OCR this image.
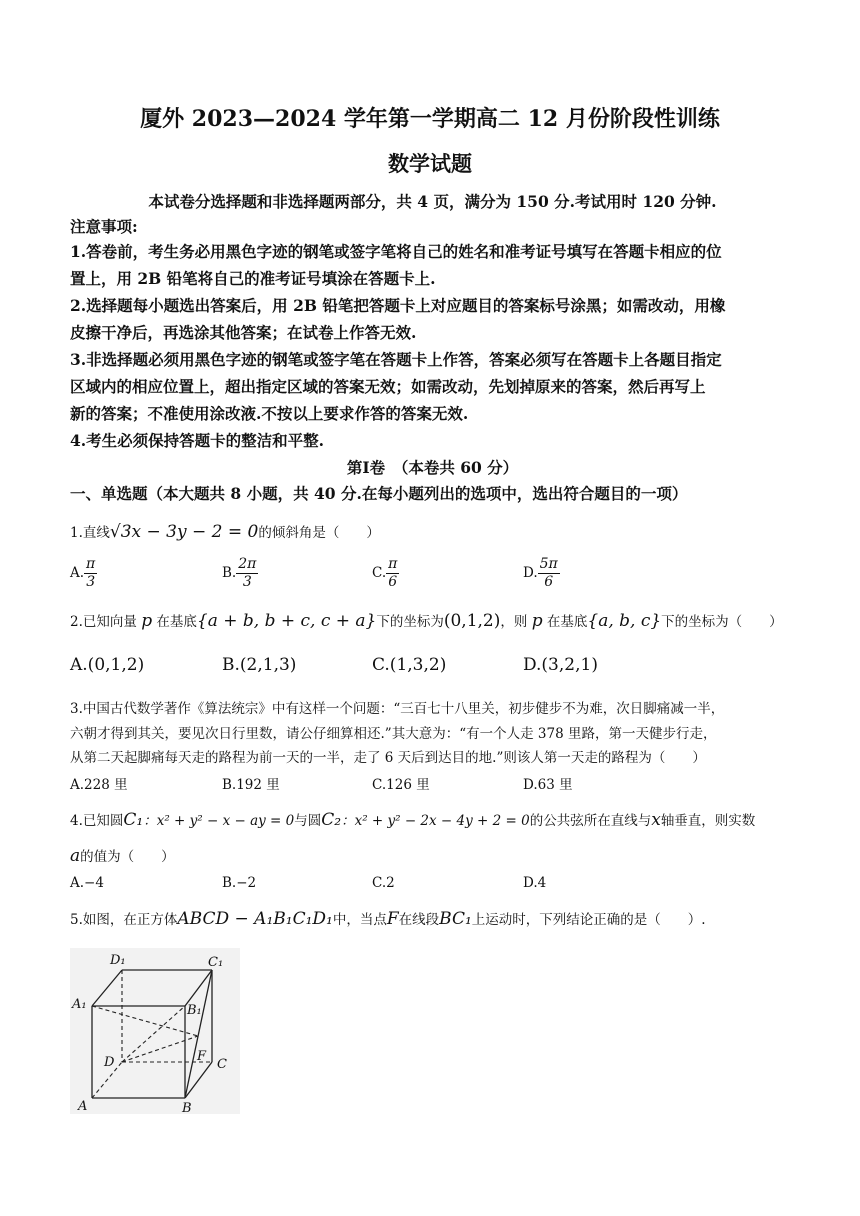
厦外 2023—2024 学年第一学期高二 12 月份阶段性训练
数学试题
本试卷分选择题和非选择题两部分，共 4 页，满分为 150 分.考试用时 120 分钟.
注意事项:
1.答卷前，考生务必用黑色字迹的钢笔或签字笔将自己的姓名和准考证号填写在答题卡相应的位
置上，用 2B 铅笔将自己的准考证号填涂在答题卡上.
2.选择题每小题选出答案后，用 2B 铅笔把答题卡上对应题目的答案标号涂黑；如需改动，用橡
皮擦干净后，再选涂其他答案；在试卷上作答无效.
3.非选择题必须用黑色字迹的钢笔或签字笔在答题卡上作答，答案必须写在答题卡上各题目指定
区域内的相应位置上，超出指定区域的答案无效；如需改动，先划掉原来的答案，然后再写上
新的答案；不准使用涂改液.不按以上要求作答的答案无效.
4.考生必须保持答题卡的整洁和平整.
第Ⅰ卷　（本卷共 60 分）
一、单选题（本大题共 8 小题，共 40 分.在每小题列出的选项中，选出符合题目的一项）
1.直线√3x − 3y − 2 = 0的倾斜角是（　　）
A. $\frac{\pi}{3}$	B. $\frac{2\pi}{3}$	C. $\frac{\pi}{6}$	D. $\frac{5\pi}{6}$
2.已知向量 p 在基底{a + b, b + c, c + a}下的坐标为(0,1,2)，则 p 在基底{a, b, c}下的坐标为（　　）
A.(0,1,2)	B.(2,1,3)	C.(1,3,2)	D.(3,2,1)
3.中国古代数学著作《算法统宗》中有这样一个问题：“三百七十八里关，初步健步不为难，次日脚痛减一半，
六朝才得到其关，要见次日行里数，请公仔细算相还.”其大意为：“有一个人走 378 里路，第一天健步行走，
从第二天起脚痛每天走的路程为前一天的一半，走了 6 天后到达目的地.”则该人第一天走的路程为（　　）
A.228 里	B.192 里	C.126 里	D.63 里
4.已知圆C₁：x² + y² − x − ay = 0与圆C₂：x² + y² − 2x − 4y + 2 = 0的公共弦所在直线与x轴垂直，则实数
a的值为（　　）
A.−4	B.−2	C.2	D.4
5.如图，在正方体ABCD − A₁B₁C₁D₁中，当点F在线段BC₁上运动时，下列结论正确的是（　　）.
D₁	C₁
A₁	B₁
D	F
C
A	B
